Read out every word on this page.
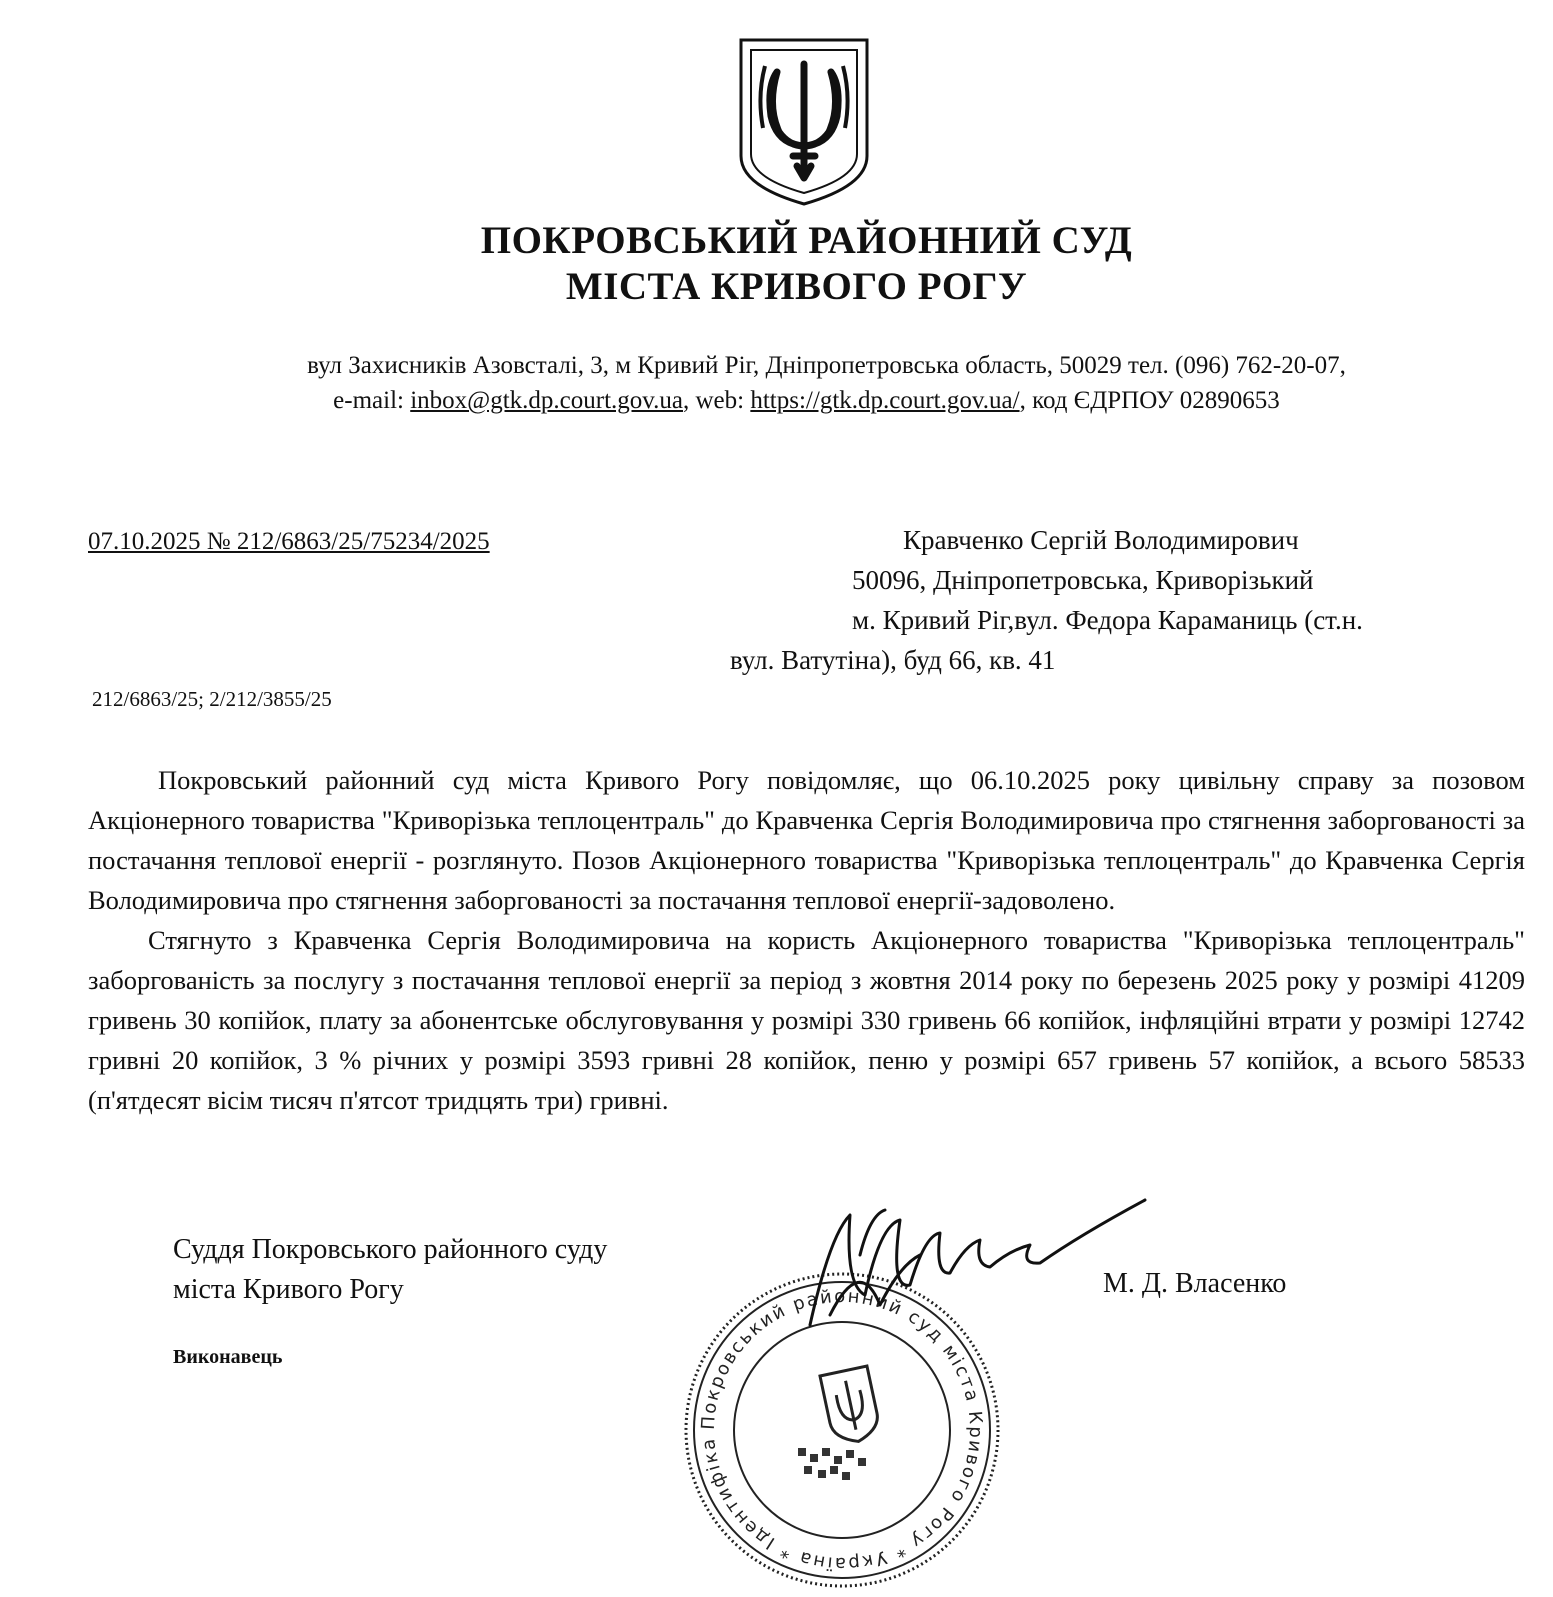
ПОКРОВСЬКИЙ РАЙОННИЙ СУД
МІСТА КРИВОГО РОГУ
вул Захисників Азовсталі, 3, м Кривий Ріг, Дніпропетровська область, 50029 тел. (096) 762-20-07,
e-mail: inbox@gtk.dp.court.gov.ua, web: https://gtk.dp.court.gov.ua/, код ЄДРПОУ 02890653
07.10.2025 № 212/6863/25/75234/2025	Кравченко Сергій Володимирович
50096, Дніпропетровська, Криворізький
м. Кривий Ріг,вул. Федора Караманиць (ст.н.
вул. Ватутіна), буд 66, кв. 41
212/6863/25; 2/212/3855/25

Покровський районний суд міста Кривого Рогу повідомляє, що 06.10.2025 року цивільну справу за позовом Акціонерного товариства "Криворізька теплоцентраль" до Кравченка Сергія Володимировича про стягнення заборгованості за постачання теплової енергії - розглянуто. Позов Акціонерного товариства "Криворізька теплоцентраль" до Кравченка Сергія Володимировича про стягнення заборгованості за постачання теплової енергії-задоволено.

Стягнуто з Кравченка Сергія Володимировича на користь Акціонерного товариства "Криворізька теплоцентраль" заборгованість за послугу з постачання теплової енергії за період з жовтня 2014 року по березень 2025 року у розмірі 41209 гривень 30 копійок, плату за абонентське обслуговування у розмірі 330 гривень 66 копійок, інфляційні втрати у розмірі 12742 гривні 20 копійок, 3 % річних у розмірі 3593 гривні 28 копійок, пеню у розмірі 657 гривень 57 копійок, а всього 58533 (п'ятдесят вісім тисяч п'ятсот тридцять три) гривні.

Суддя Покровського районного суду
міста Кривого Рогу	М. Д. Власенко
Виконавець
Покровський районний суд міста Кривого Рогу * Україна * Ідентифіка
